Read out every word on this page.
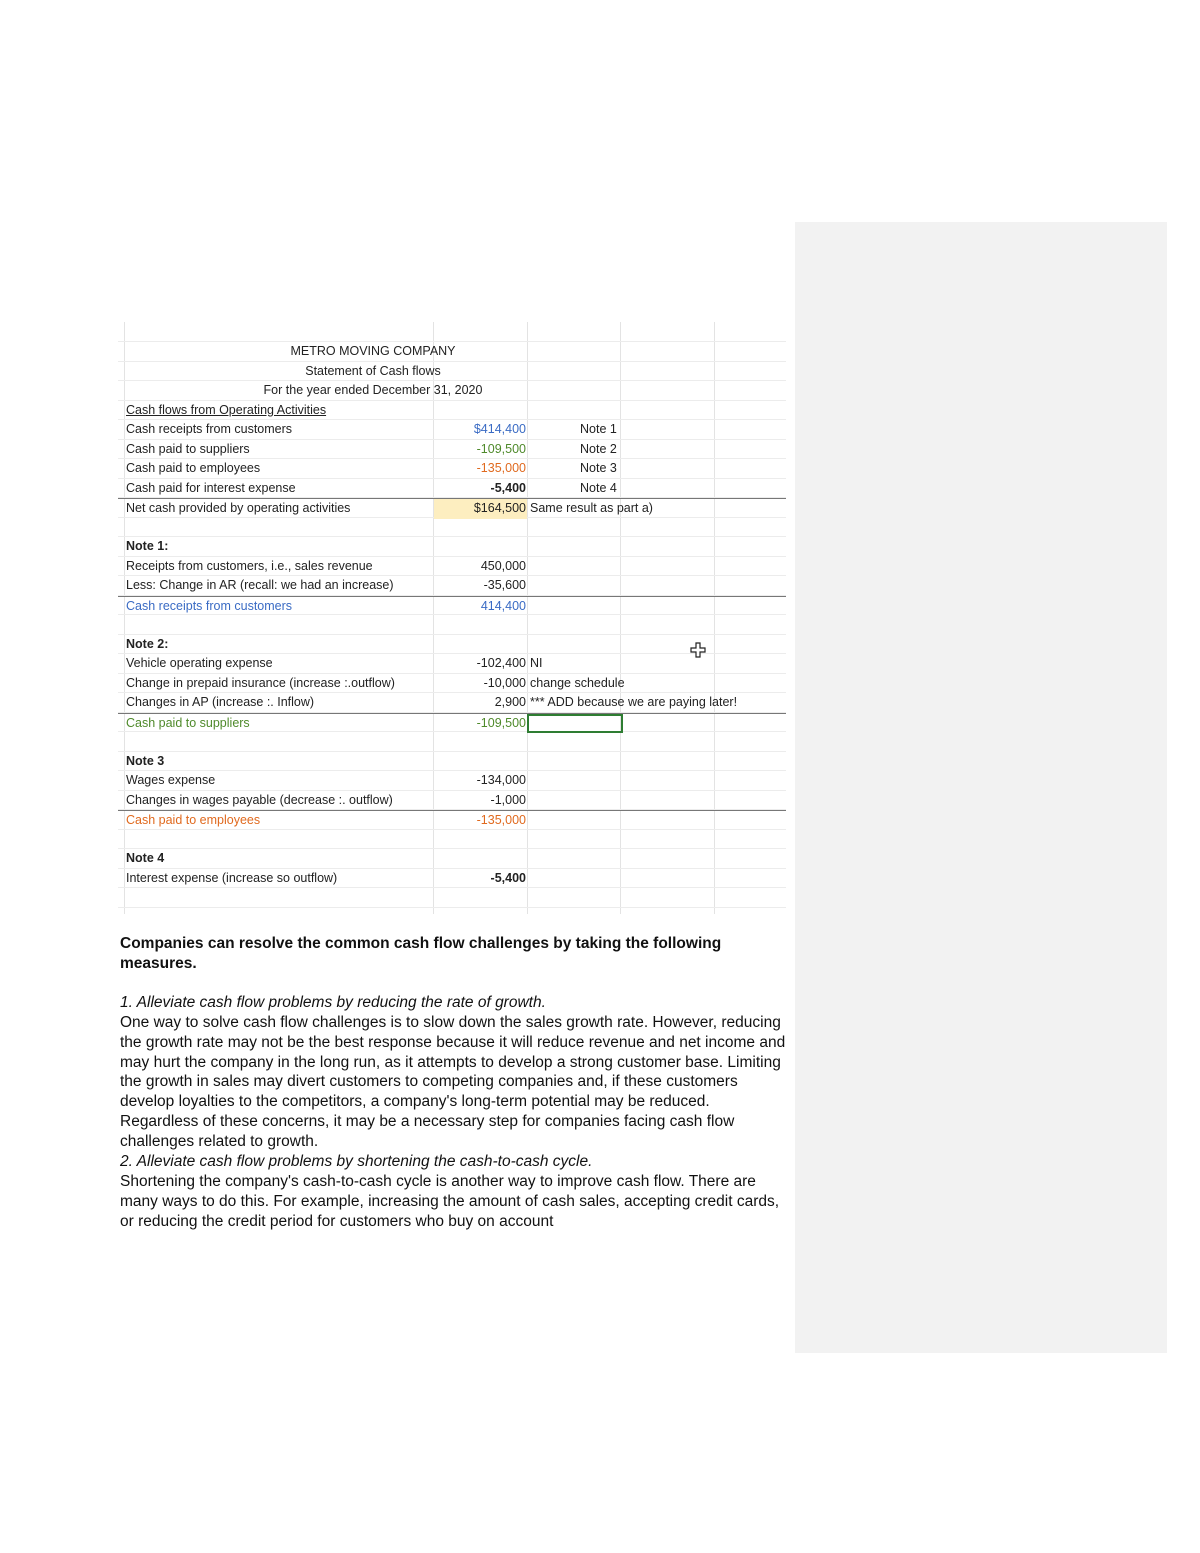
METRO MOVING COMPANY
Statement of Cash flows
For the year ended December 31, 2020
Cash flows from Operating Activities
Cash receipts from customers	$414,400	Note 1
Cash paid to suppliers	-109,500	Note 2
Cash paid to employees	-135,000	Note 3
Cash paid for interest expense	-5,400	Note 4
Net cash provided by operating activities	$164,500 Same result as part a)
Note 1:
Receipts from customers, i.e., sales revenue	450,000
Less: Change in AR (recall: we had an increase)	-35,600
Cash receipts from customers	414,400
Note 2:
Vehicle operating expense	-102,400 NI
Change in prepaid insurance (increase :.outflow)	-10,000 change schedule
Changes in AP (increase :. Inflow)	2,900 *** ADD because we are paying later!
Cash paid to suppliers	-109,500
Note 3
Wages expense	-134,000
Changes in wages payable (decrease :. outflow)	-1,000
Cash paid to employees	-135,000
Note 4
Interest expense (increase so outflow)	-5,400

Companies can resolve the common cash flow challenges by taking the following measures.

1. Alleviate cash flow problems by reducing the rate of growth.

One way to solve cash flow challenges is to slow down the sales growth rate. However, reducing the growth rate may not be the best response because it will reduce revenue and net income and may hurt the company in the long run, as it attempts to develop a strong customer base. Limiting the growth in sales may divert customers to competing companies and, if these customers develop loyalties to the competitors, a company's long-term potential may be reduced. Regardless of these concerns, it may be a necessary step for companies facing cash flow challenges related to growth.

2. Alleviate cash flow problems by shortening the cash-to-cash cycle.

Shortening the company's cash-to-cash cycle is another way to improve cash flow. There are many ways to do this. For example, increasing the amount of cash sales, accepting credit cards, or reducing the credit period for customers who buy on account
